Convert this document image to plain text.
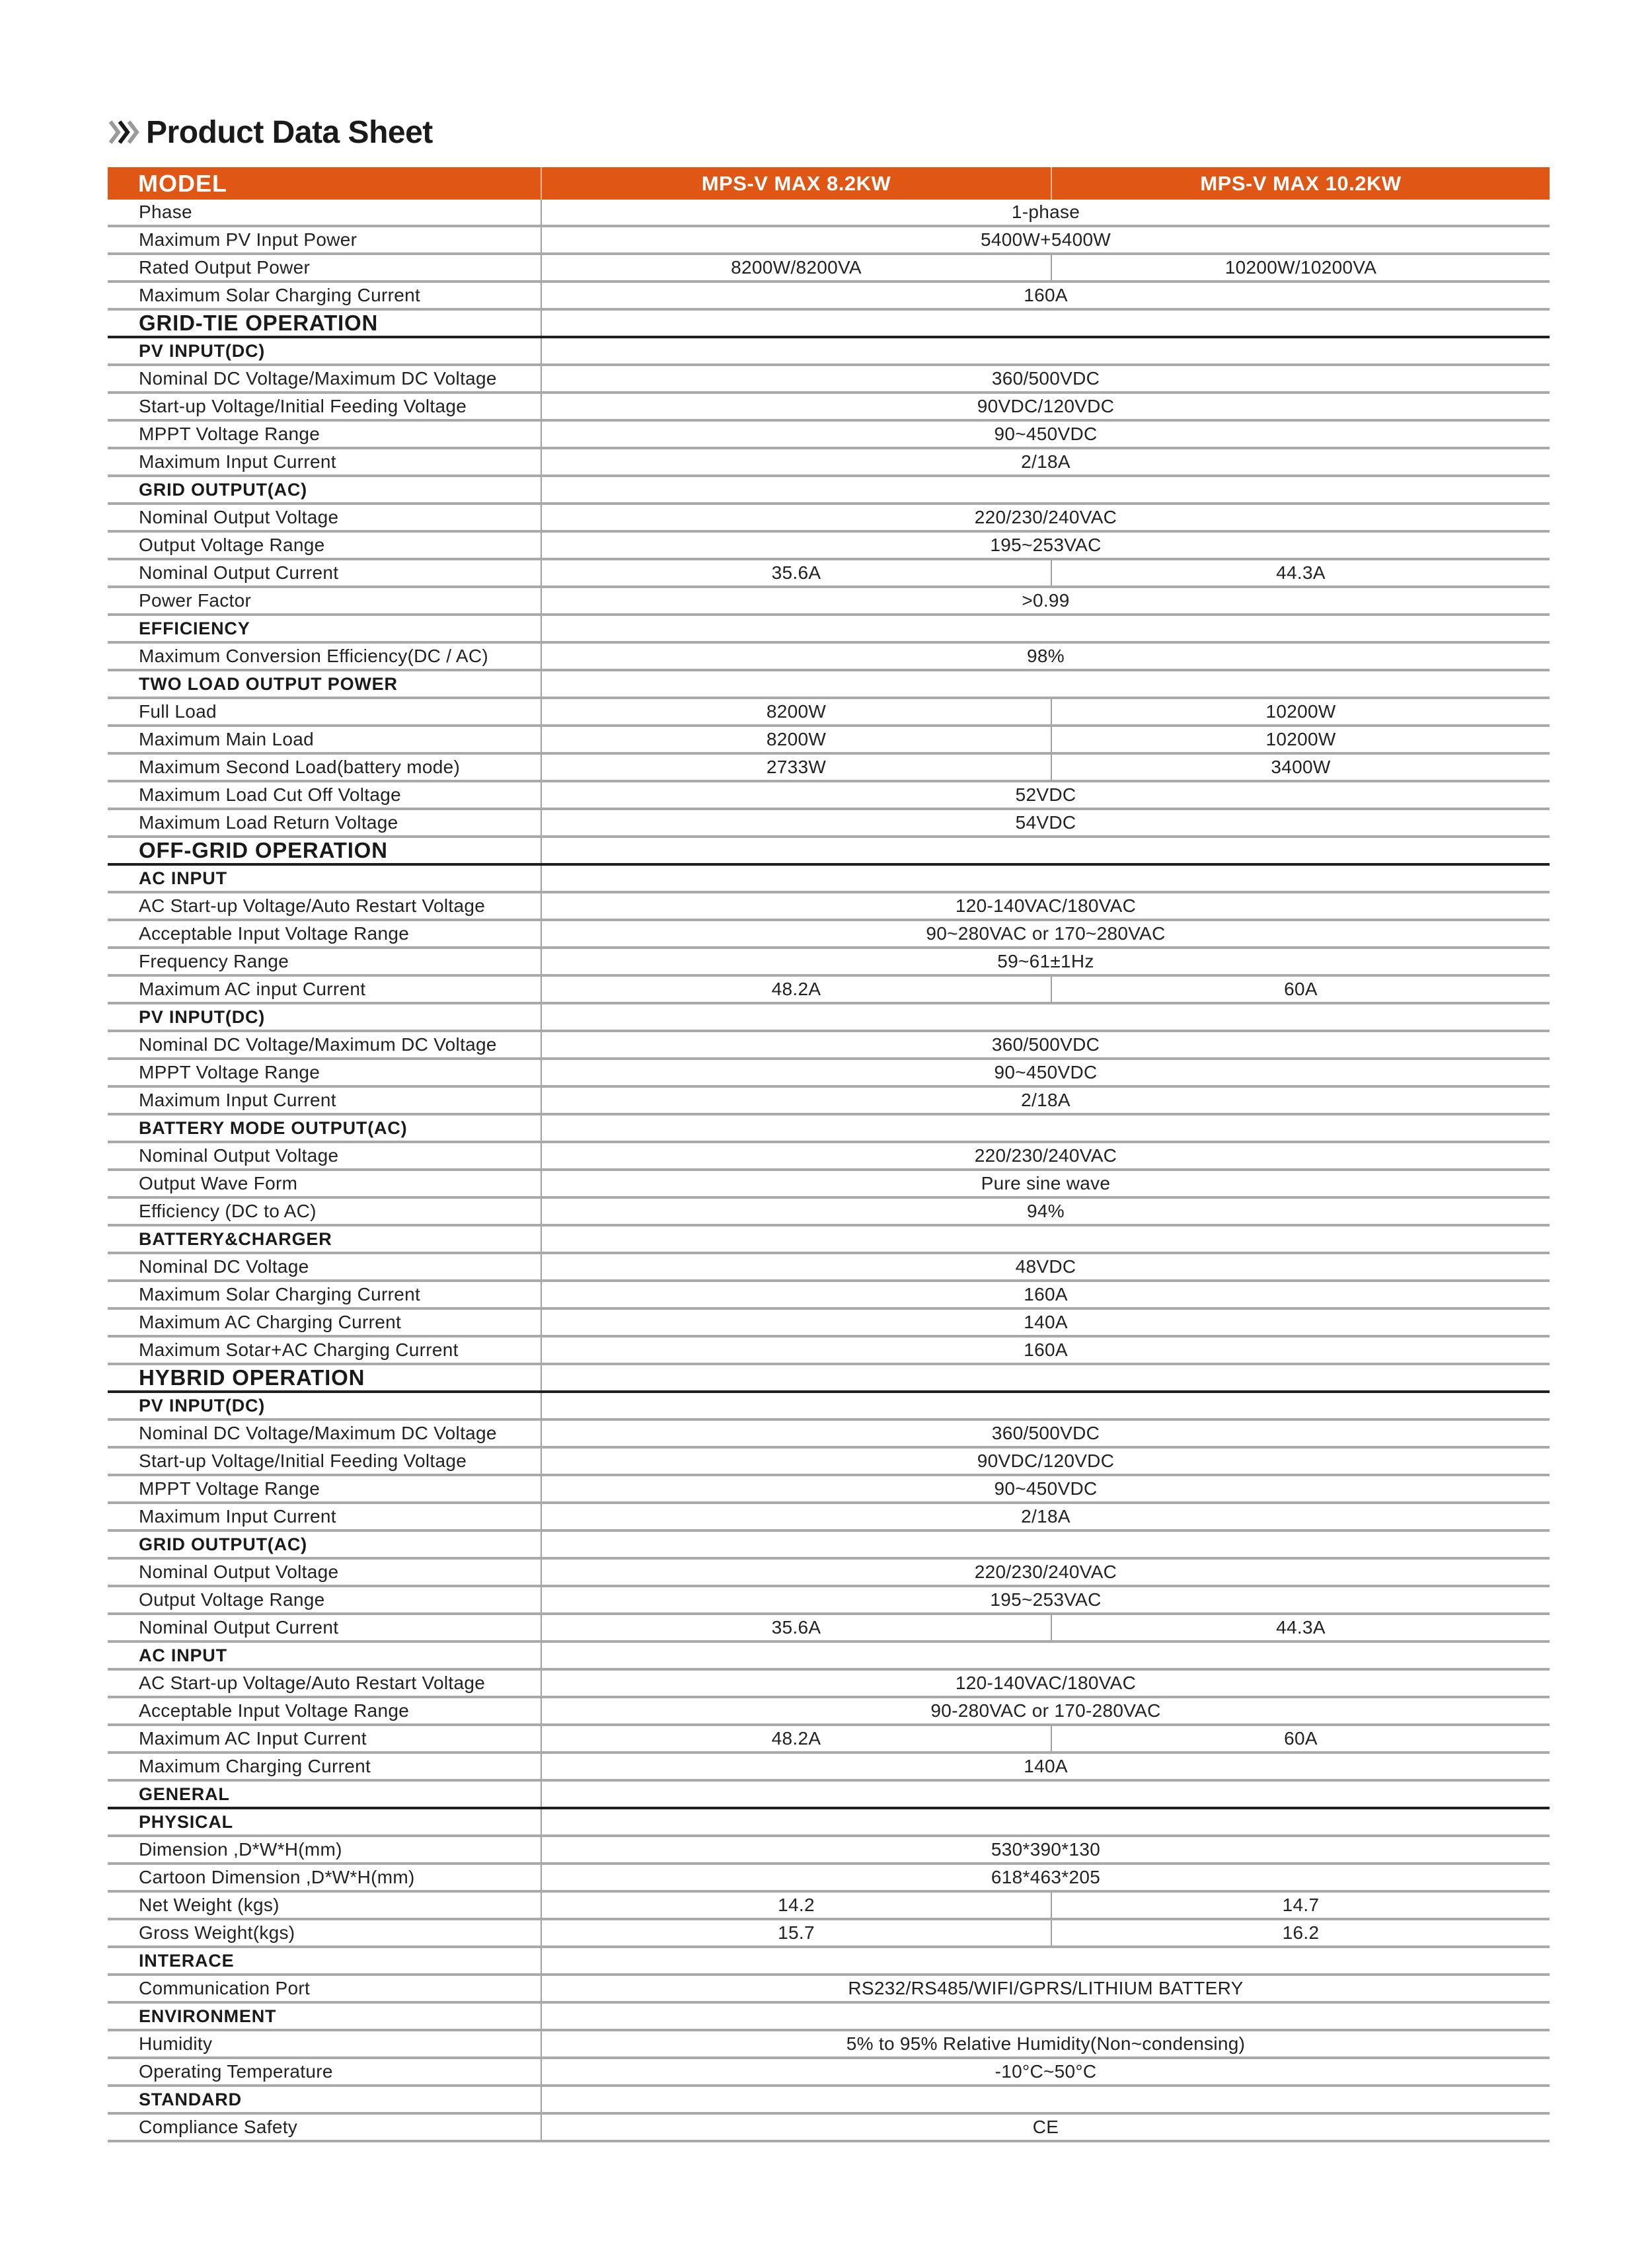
Product Data Sheet
MODEL	MPS-V MAX 8.2KW	MPS-V MAX 10.2KW
Phase	1-phase
Maximum PV Input Power	5400W+5400W
Rated Output Power	8200W/8200VA	10200W/10200VA
Maximum Solar Charging Current	160A
GRID-TIE OPERATION
PV INPUT(DC)
Nominal DC Voltage/Maximum DC Voltage	360/500VDC
Start-up Voltage/Initial Feeding Voltage	90VDC/120VDC
MPPT Voltage Range	90~450VDC
Maximum Input Current	2/18A
GRID OUTPUT(AC)
Nominal Output Voltage	220/230/240VAC
Output Voltage Range	195~253VAC
Nominal Output Current	35.6A	44.3A
Power Factor	>0.99
EFFICIENCY
Maximum Conversion Efficiency(DC / AC)	98%
TWO LOAD OUTPUT POWER
Full Load	8200W	10200W
Maximum Main Load	8200W	10200W
Maximum Second Load(battery mode)	2733W	3400W
Maximum Load Cut Off Voltage	52VDC
Maximum Load Return Voltage	54VDC
OFF-GRID OPERATION
AC INPUT
AC Start-up Voltage/Auto Restart Voltage	120-140VAC/180VAC
Acceptable Input Voltage Range	90~280VAC or 170~280VAC
Frequency Range	59~61±1Hz
Maximum AC input Current	48.2A	60A
PV INPUT(DC)
Nominal DC Voltage/Maximum DC Voltage	360/500VDC
MPPT Voltage Range	90~450VDC
Maximum Input Current	2/18A
BATTERY MODE OUTPUT(AC)
Nominal Output Voltage	220/230/240VAC
Output Wave Form	Pure sine wave
Efficiency (DC to AC)	94%
BATTERY&CHARGER
Nominal DC Voltage	48VDC
Maximum Solar Charging Current	160A
Maximum AC Charging Current	140A
Maximum Sotar+AC Charging Current	160A
HYBRID OPERATION
PV INPUT(DC)
Nominal DC Voltage/Maximum DC Voltage	360/500VDC
Start-up Voltage/Initial Feeding Voltage	90VDC/120VDC
MPPT Voltage Range	90~450VDC
Maximum Input Current	2/18A
GRID OUTPUT(AC)
Nominal Output Voltage	220/230/240VAC
Output Voltage Range	195~253VAC
Nominal Output Current	35.6A	44.3A
AC INPUT
AC Start-up Voltage/Auto Restart Voltage	120-140VAC/180VAC
Acceptable Input Voltage Range	90-280VAC or 170-280VAC
Maximum AC Input Current	48.2A	60A
Maximum Charging Current	140A
GENERAL
PHYSICAL
Dimension ,D*W*H(mm)	530*390*130
Cartoon Dimension ,D*W*H(mm)	618*463*205
Net Weight (kgs)	14.2	14.7
Gross Weight(kgs)	15.7	16.2
INTERACE
Communication Port	RS232/RS485/WIFI/GPRS/LITHIUM BATTERY
ENVIRONMENT
Humidity	5% to 95% Relative Humidity(Non~condensing)
Operating Temperature	-10°C~50°C
STANDARD
Compliance Safety	CE
